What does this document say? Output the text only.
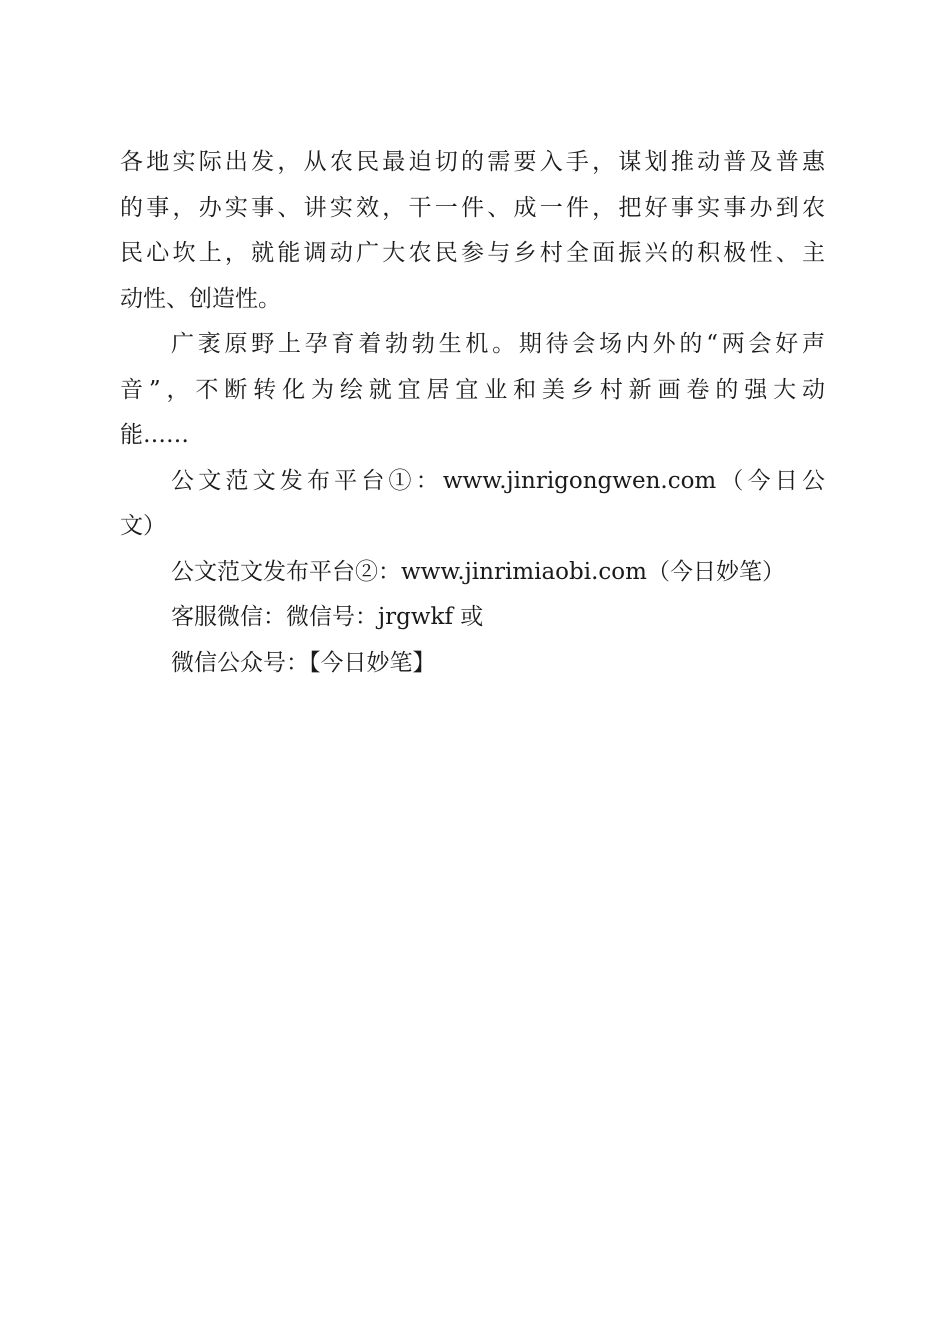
各地实际出发，从农民最迫切的需要入手，谋划推动普及普惠
的事，办实事、讲实效，干一件、成一件，把好事实事办到农
民心坎上，就能调动广大农民参与乡村全面振兴的积极性、主
动性、创造性。
广袤原野上孕育着勃勃生机。期待会场内外的“两会好声
音”，不断转化为绘就宜居宜业和美乡村新画卷的强大动
能……
公文范文发布平台①：www.jinrigongwen.com（今日公
文）
公文范文发布平台②：www.jinrimiaobi.com（今日妙笔）
客服微信：微信号：jrgwkf 或
微信公众号：【今日妙笔】
